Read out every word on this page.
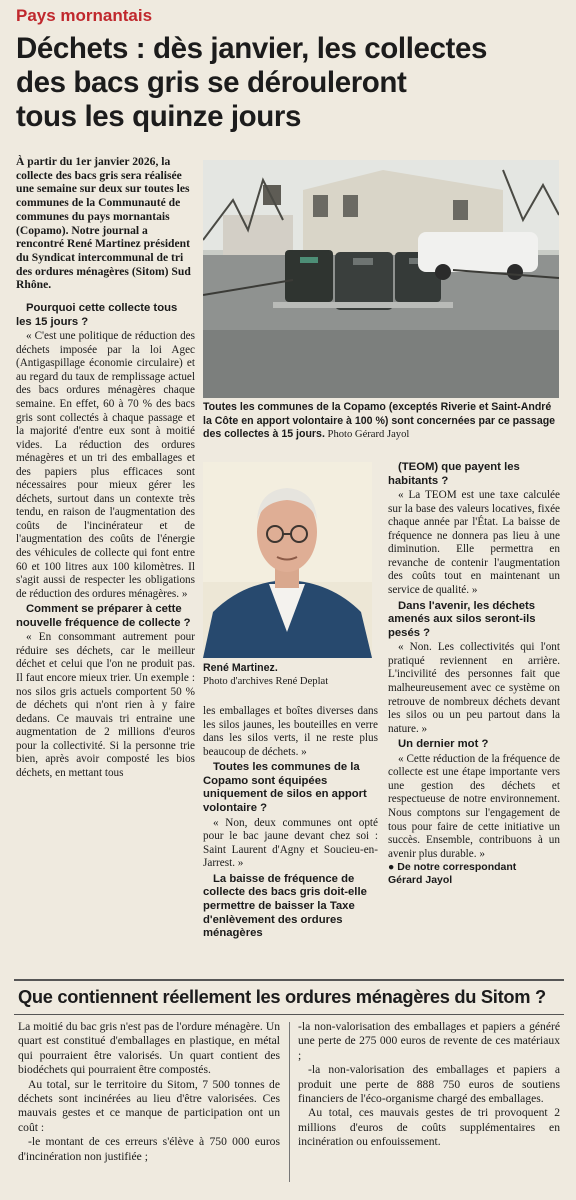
Pays mornantais
Déchets : dès janvier, les collectes
des bacs gris se dérouleront
tous les quinze jours

À partir du 1er janvier 2026, la collecte des bacs gris sera réalisée une semaine sur deux sur toutes les communes de la Communauté de communes du pays mornantais (Copamo). Notre journal a rencontré René Martinez président du Syndicat intercommunal de tri des ordures ménagères (Sitom) Sud Rhône.

Pourquoi cette collecte tous les 15 jours ?

« C'est une politique de réduction des déchets imposée par la loi Agec (Antigaspillage économie circulaire) et au regard du taux de remplissage actuel des bacs ordures ménagères chaque semaine. En effet, 60 à 70 % des bacs gris sont collectés à chaque passage et la majorité d'entre eux sont à moitié vides. La réduction des ordures ménagères et un tri des emballages et des papiers plus efficaces sont nécessaires pour mieux gérer les déchets, surtout dans un contexte très tendu, en raison de l'augmentation des coûts de l'incinérateur et de l'augmentation des coûts de l'énergie des véhicules de collecte qui font entre 60 et 100 litres aux 100 kilomètres. Il s'agit aussi de respecter les obligations de réduction des ordures ménagères. »

Comment se préparer à cette nouvelle fréquence de collecte ?

« En consommant autrement pour réduire ses déchets, car le meilleur déchet et celui que l'on ne produit pas. Il faut encore mieux trier. Un exemple : nos silos gris actuels comportent 50 % de déchets qui n'ont rien à y faire dedans. Ce mauvais tri entraine une augmentation de 2 millions d'euros pour la collectivité. Si la personne trie bien, après avoir composté les bios déchets, en mettant tous

Toutes les communes de la Copamo (exceptés Riverie et Saint-André la Côte en apport volontaire à 100 %) sont concernées par ce passage des collectes à 15 jours. Photo Gérard Jayol
René Martinez.
Photo d'archives René Deplat

les emballages et boîtes diverses dans les silos jaunes, les bouteilles en verre dans les silos verts, il ne reste plus beaucoup de déchets. »

Toutes les communes de la Copamo sont équipées uniquement de silos en apport volontaire ?

« Non, deux communes ont opté pour le bac jaune devant chez soi : Saint Laurent d'Agny et Soucieu-en-Jarrest. »

La baisse de fréquence de collecte des bacs gris doit-elle permettre de baisser la Taxe d'enlèvement des ordures ménagères

(TEOM) que payent les habitants ?

« La TEOM est une taxe calculée sur la base des valeurs locatives, fixée chaque année par l'État. La baisse de fréquence ne donnera pas lieu à une diminution. Elle permettra en revanche de contenir l'augmentation des coûts tout en maintenant un service de qualité. »

Dans l'avenir, les déchets amenés aux silos seront-ils pesés ?

« Non. Les collectivités qui l'ont pratiqué reviennent en arrière. L'incivilité des personnes fait que malheureusement avec ce système on retrouve de nombreux déchets devant les silos ou un peu partout dans la nature. »

Un dernier mot ?

« Cette réduction de la fréquence de collecte est une étape importante vers une gestion des déchets et respectueuse de notre environnement. Nous comptons sur l'engagement de tous pour faire de cette initiative un succès. Ensemble, contribuons à un avenir plus durable. »

● De notre correspondant

Gérard Jayol

Que contiennent réellement les ordures ménagères du Sitom ?

La moitié du bac gris n'est pas de l'ordure ménagère. Un quart est constitué d'emballages en plastique, en métal qui pourraient être valorisés. Un quart contient des biodéchets qui pourraient être compostés.

Au total, sur le territoire du Sitom, 7 500 tonnes de déchets sont incinérées au lieu d'être valorisées. Ces mauvais gestes et ce manque de participation ont un coût :

-le montant de ces erreurs s'élève à 750 000 euros d'incinération non justifiée ;

-la non-valorisation des emballages et papiers a généré une perte de 275 000 euros de revente de ces matériaux ;

-la non-valorisation des emballages et papiers a produit une perte de 888 750 euros de soutiens financiers de l'éco-organisme chargé des emballages.

Au total, ces mauvais gestes de tri provoquent 2 millions d'euros de coûts supplémentaires en incinération ou enfouissement.
